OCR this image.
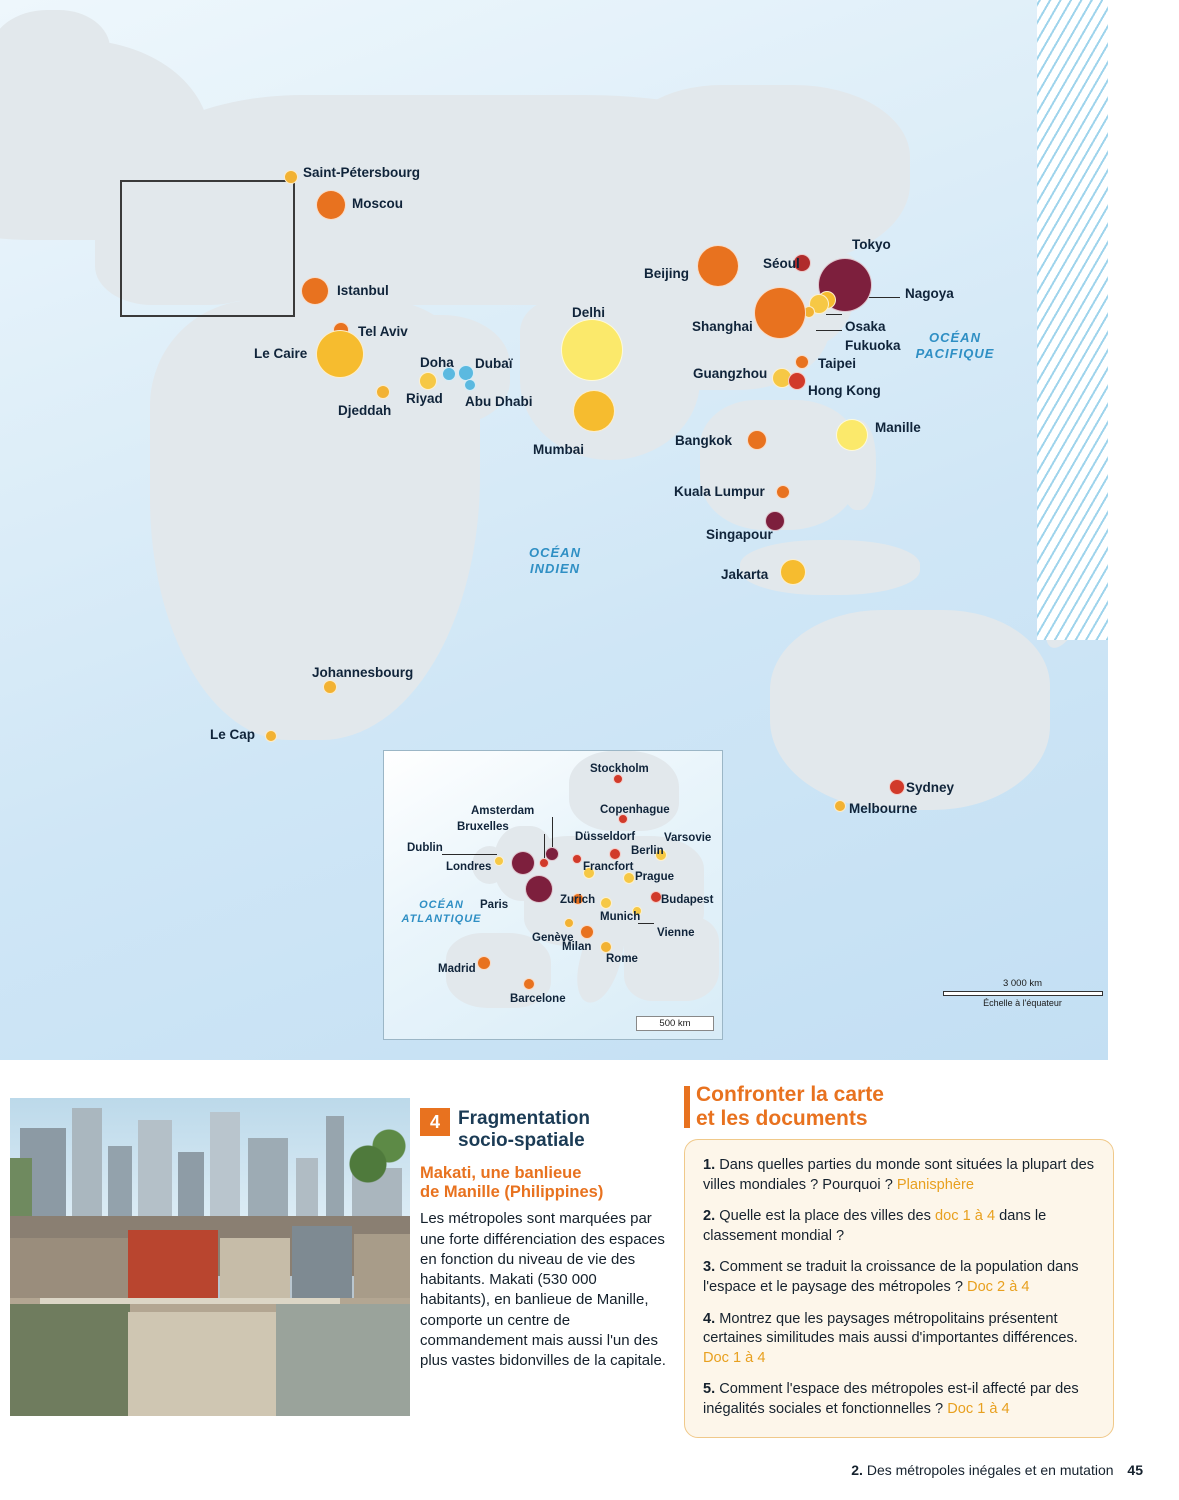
OCÉAN
PACIFIQUE
OCÉAN
INDIEN
Saint-Pétersbourg
Moscou
Istanbul
Tel Aviv
Le Caire
Djeddah
Riyad
Doha Dubaï
Abu Dhabi
Delhi
Mumbai
Beijing
Séoul
Tokyo
Nagoya
Osaka
Fukuoka
Shanghai
Taipei
Guangzhou
Hong Kong
Manille
Bangkok
Kuala Lumpur
Singapour
Jakarta
Johannesbourg
Le Cap
Sydney
Melbourne
3 000 km
Échelle à l'équateur
OCÉAN
ATLANTIQUE
Stockholm
Copenhague
Amsterdam
Bruxelles
Dublin
Londres
Düsseldorf
Berlin
Varsovie
Francfort
Prague
Paris	Zurich
Munich
Budapest
Vienne
Genève
Milan
Rome
Madrid
Barcelone
500 km
4 Fragmentation
socio-spatiale
Makati, une banlieue
de Manille (Philippines)
Les métropoles sont marquées par une forte différenciation des espaces en fonction du niveau de vie des habitants. Makati (530 000 habitants), en banlieue de Manille, comporte un centre de commandement mais aussi l'un des plus vastes bidonvilles de la capitale.
Confronter la carte
et les documents
1. Dans quelles parties du monde sont situées la plupart des villes mondiales ? Pourquoi ? Planisphère
2. Quelle est la place des villes des doc 1 à 4 dans le classement mondial ?
3. Comment se traduit la croissance de la population dans l'espace et le paysage des métropoles ? Doc 2 à 4
4. Montrez que les paysages métropolitains présentent certaines similitudes mais aussi d'importantes différences. Doc 1 à 4
5. Comment l'espace des métropoles est-il affecté par des inégalités sociales et fonctionnelles ? Doc 1 à 4
2. Des métropoles inégales et en mutation 45
